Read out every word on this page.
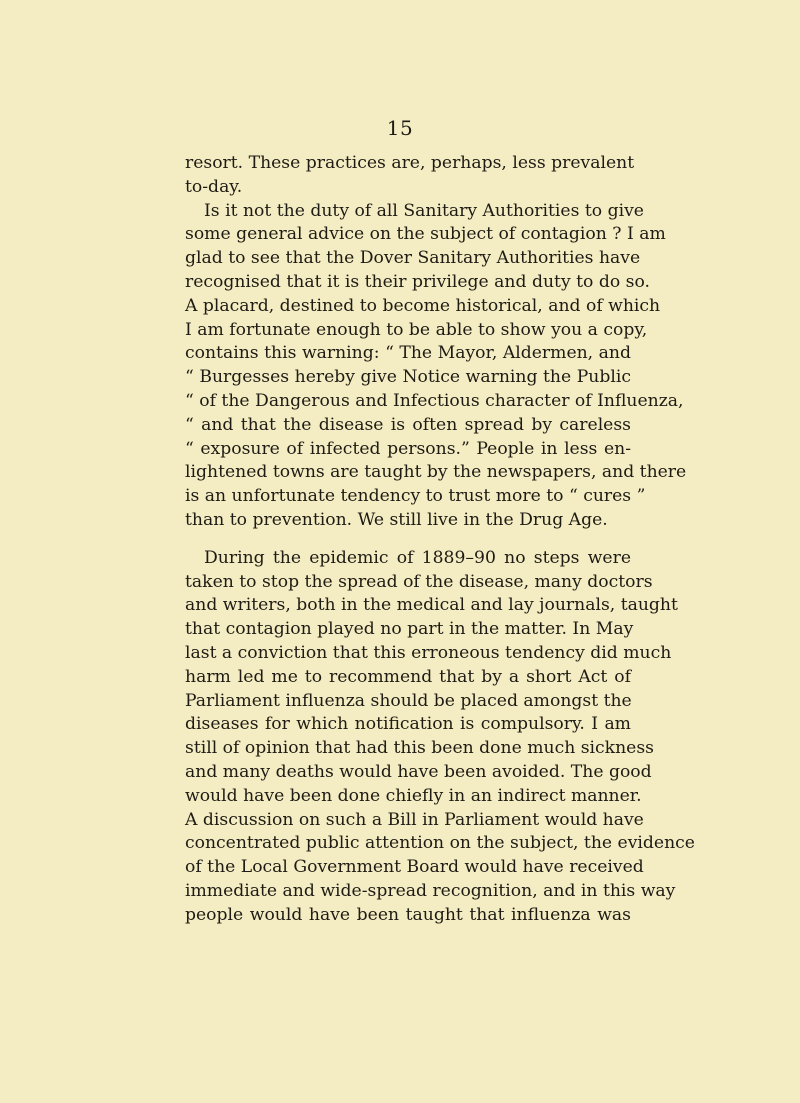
15
resort. These practices are, perhaps, less prevalent
to-day.
Is it not the duty of all Sanitary Authorities to give
some general advice on the subject of contagion ? I am
glad to see that the Dover Sanitary Authorities have
recognised that it is their privilege and duty to do so.
A placard, destined to become historical, and of which
I am fortunate enough to be able to show you a copy,
contains this warning: “ The Mayor, Aldermen, and
“ Burgesses hereby give Notice warning the Public
“ of the Dangerous and Infectious character of Influenza,
“ and that the disease is often spread by careless
“ exposure of infected persons.” People in less en-
lightened towns are taught by the newspapers, and there
is an unfortunate tendency to trust more to “ cures ”
than to prevention. We still live in the Drug Age.
During the epidemic of 1889–90 no steps were
taken to stop the spread of the disease, many doctors
and writers, both in the medical and lay journals, taught
that contagion played no part in the matter. In May
last a conviction that this erroneous tendency did much
harm led me to recommend that by a short Act of
Parliament influenza should be placed amongst the
diseases for which notification is compulsory. I am
still of opinion that had this been done much sickness
and many deaths would have been avoided. The good
would have been done chiefly in an indirect manner.
A discussion on such a Bill in Parliament would have
concentrated public attention on the subject, the evidence
of the Local Government Board would have received
immediate and wide-spread recognition, and in this way
people would have been taught that influenza was
